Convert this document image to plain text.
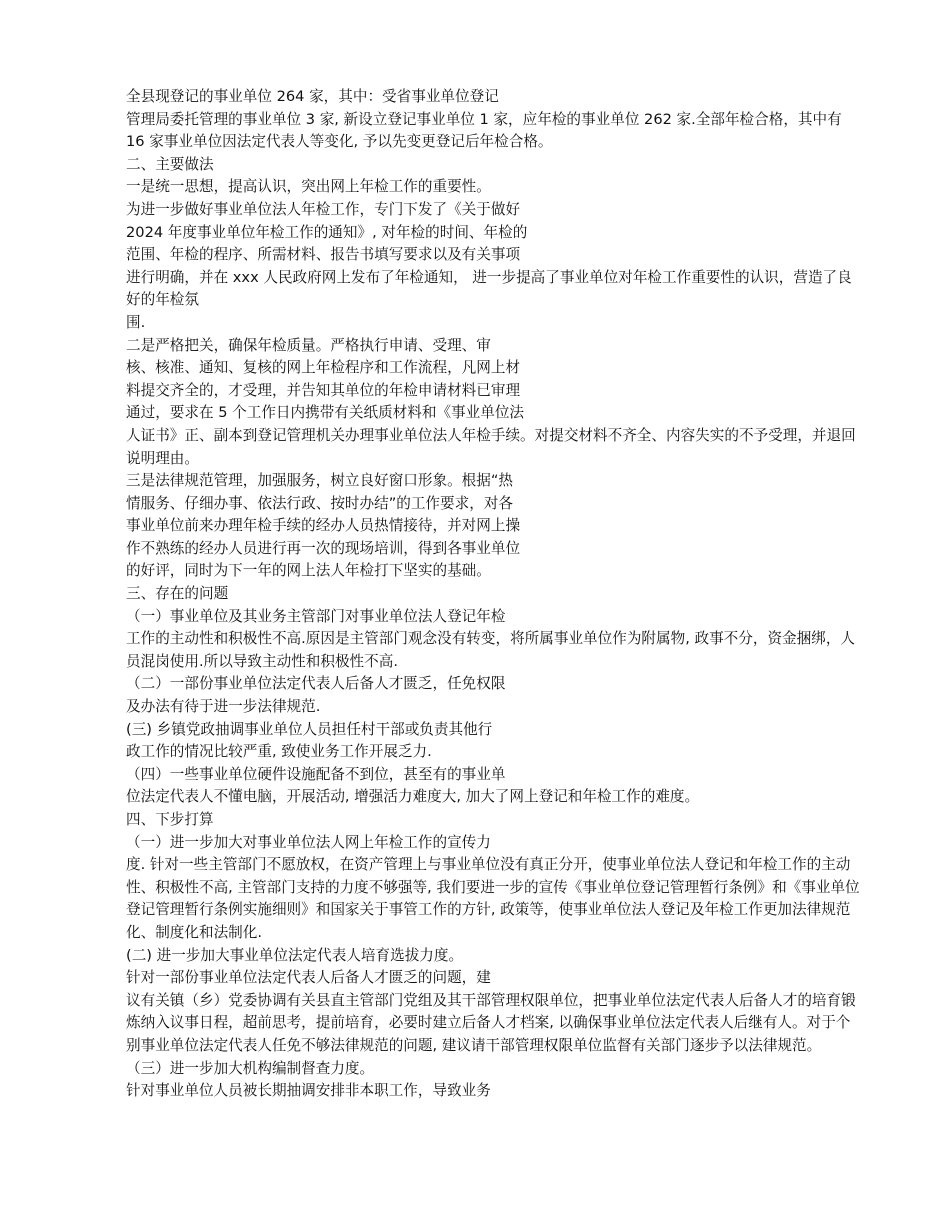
全县现登记的事业单位 264 家，其中：受省事业单位登记

管理局委托管理的事业单位 3 家, 新设立登记事业单位 1 家，应年检的事业单位 262 家.全部年检合格，其中有 16 家事业单位因法定代表人等变化, 予以先变更登记后年检合格。

二、主要做法

一是统一思想，提高认识，突出网上年检工作的重要性。

为进一步做好事业单位法人年检工作，专门下发了《关于做好

2024 年度事业单位年检工作的通知》, 对年检的时间、年检的

范围、年检的程序、所需材料、报告书填写要求以及有关事项

进行明确，并在 xxx 人民政府网上发布了年检通知， 进一步提高了事业单位对年检工作重要性的认识，营造了良好的年检氛

围.

二是严格把关，确保年检质量。严格执行申请、受理、审

核、核准、通知、复核的网上年检程序和工作流程，凡网上材

料提交齐全的，才受理，并告知其单位的年检申请材料已审理

通过，要求在 5 个工作日内携带有关纸质材料和《事业单位法

人证书》正、副本到登记管理机关办理事业单位法人年检手续。对提交材料不齐全、内容失实的不予受理，并退回说明理由。

三是法律规范管理，加强服务，树立良好窗口形象。根据“热

情服务、仔细办事、依法行政、按时办结”的工作要求，对各

事业单位前来办理年检手续的经办人员热情接待，并对网上操

作不熟练的经办人员进行再一次的现场培训，得到各事业单位

的好评，同时为下一年的网上法人年检打下坚实的基础。

三、存在的问题

（一）事业单位及其业务主管部门对事业单位法人登记年检

工作的主动性和积极性不高.原因是主管部门观念没有转变，将所属事业单位作为附属物, 政事不分，资金捆绑，人员混岗使用.所以导致主动性和积极性不高.

（二）一部份事业单位法定代表人后备人才匮乏，任免权限

及办法有待于进一步法律规范.

(三) 乡镇党政抽调事业单位人员担任村干部或负责其他行

政工作的情况比较严重, 致使业务工作开展乏力.

（四）一些事业单位硬件设施配备不到位，甚至有的事业单

位法定代表人不懂电脑，开展活动, 增强活力难度大, 加大了网上登记和年检工作的难度。

四、下步打算

（一）进一步加大对事业单位法人网上年检工作的宣传力

度. 针对一些主管部门不愿放权，在资产管理上与事业单位没有真正分开，使事业单位法人登记和年检工作的主动性、积极性不高, 主管部门支持的力度不够强等, 我们要进一步的宣传《事业单位登记管理暂行条例》和《事业单位登记管理暂行条例实施细则》和国家关于事管工作的方针, 政策等，使事业单位法人登记及年检工作更加法律规范化、制度化和法制化.

(二) 进一步加大事业单位法定代表人培育选拔力度。

针对一部份事业单位法定代表人后备人才匮乏的问题，建

议有关镇（乡）党委协调有关县直主管部门党组及其干部管理权限单位，把事业单位法定代表人后备人才的培育锻炼纳入议事日程，超前思考，提前培育，必要时建立后备人才档案, 以确保事业单位法定代表人后继有人。对于个别事业单位法定代表人任免不够法律规范的问题, 建议请干部管理权限单位监督有关部门逐步予以法律规范。

（三）进一步加大机构编制督查力度。

针对事业单位人员被长期抽调安排非本职工作，导致业务
